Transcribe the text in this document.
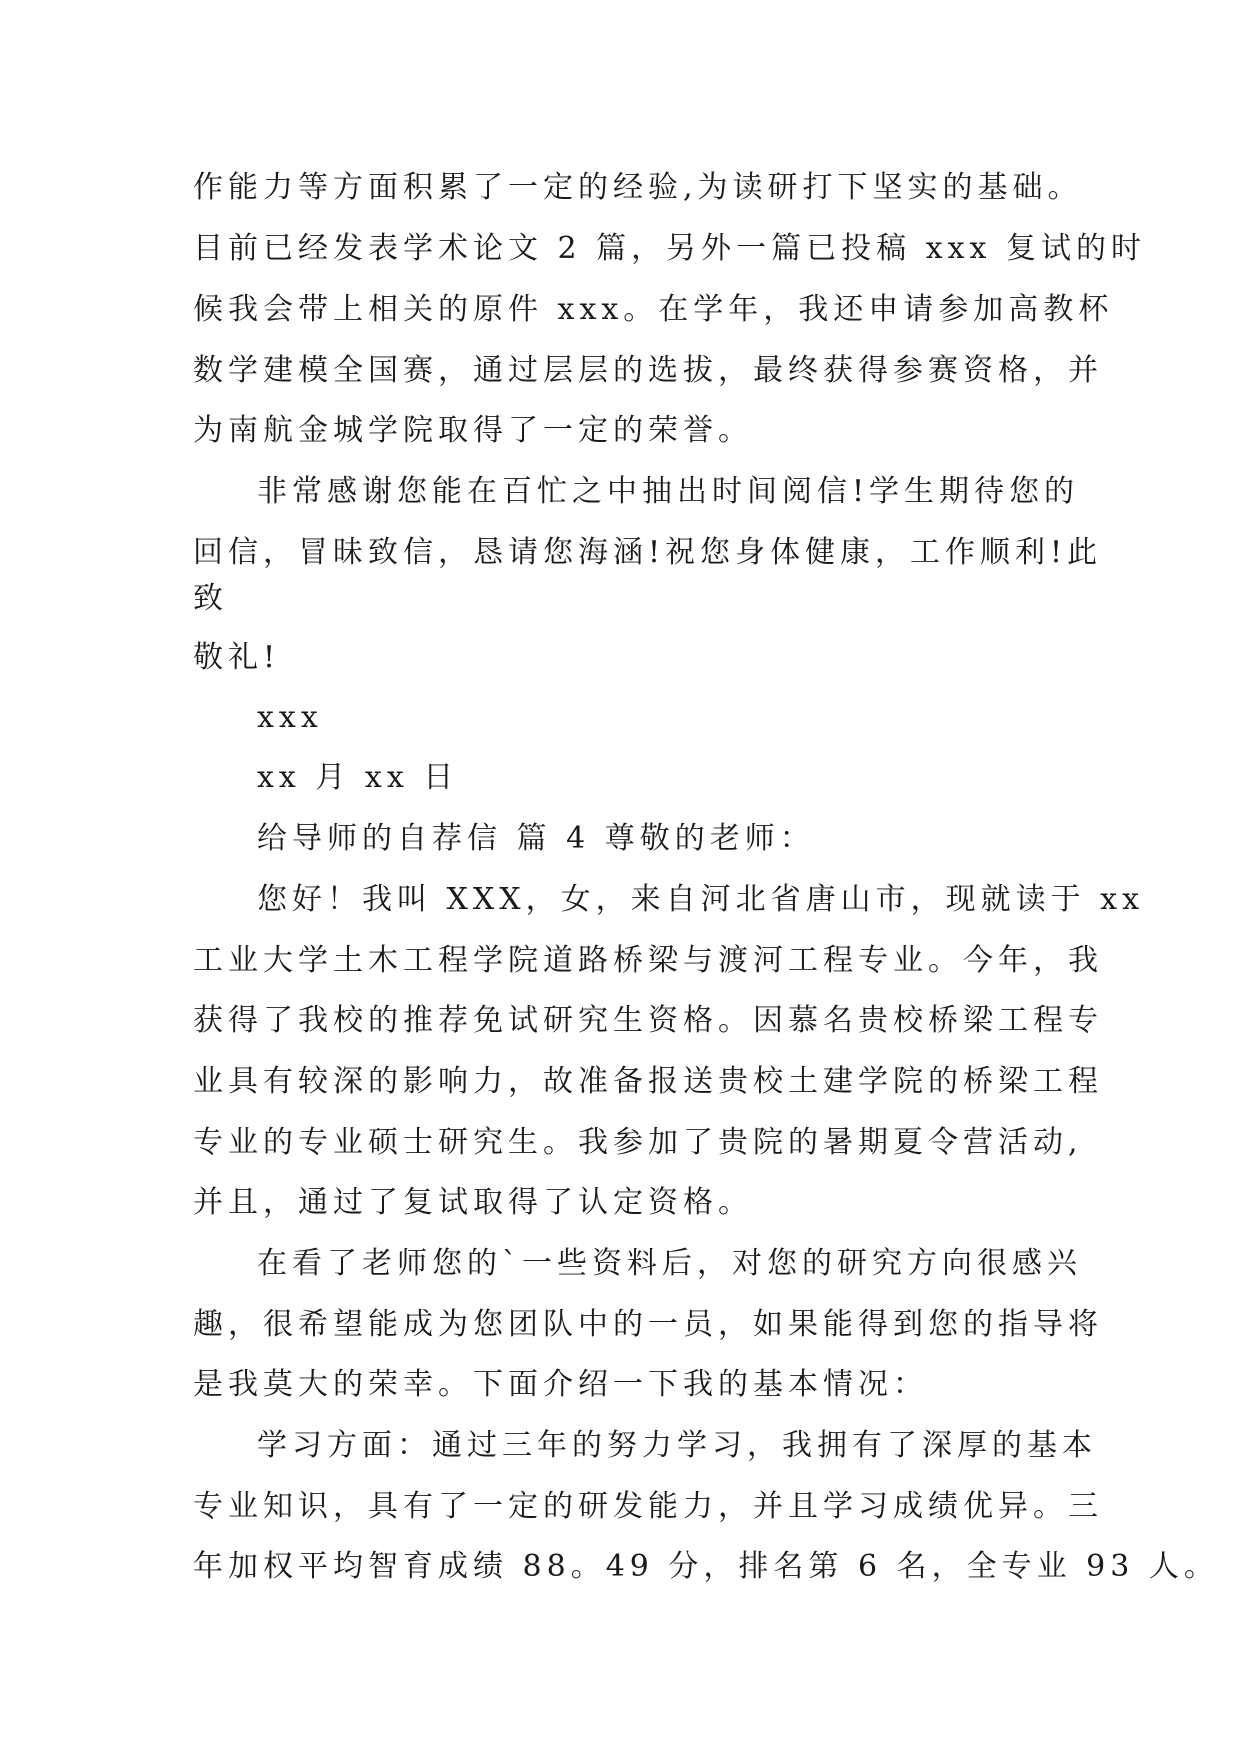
作能力等方面积累了一定的经验,为读研打下坚实的基础。
目前已经发表学术论文 2 篇，另外一篇已投稿 xxx 复试的时
候我会带上相关的原件 xxx。在学年，我还申请参加高教杯
数学建模全国赛，通过层层的选拔，最终获得参赛资格，并
为南航金城学院取得了一定的荣誉。
非常感谢您能在百忙之中抽出时间阅信!学生期待您的
回信，冒昧致信，恳请您海涵!祝您身体健康，工作顺利!此
致
敬礼!
xxx
xx 月 xx 日
给导师的自荐信 篇 4 尊敬的老师：
您好！我叫 XXX，女，来自河北省唐山市，现就读于 xx
工业大学土木工程学院道路桥梁与渡河工程专业。今年，我
获得了我校的推荐免试研究生资格。因慕名贵校桥梁工程专
业具有较深的影响力，故准备报送贵校土建学院的桥梁工程
专业的专业硕士研究生。我参加了贵院的暑期夏令营活动,
并且，通过了复试取得了认定资格。
在看了老师您的`一些资料后，对您的研究方向很感兴
趣，很希望能成为您团队中的一员，如果能得到您的指导将
是我莫大的荣幸。下面介绍一下我的基本情况：
学习方面：通过三年的努力学习，我拥有了深厚的基本
专业知识，具有了一定的研发能力，并且学习成绩优异。三
年加权平均智育成绩 88。49 分，排名第 6 名，全专业 93 人。
